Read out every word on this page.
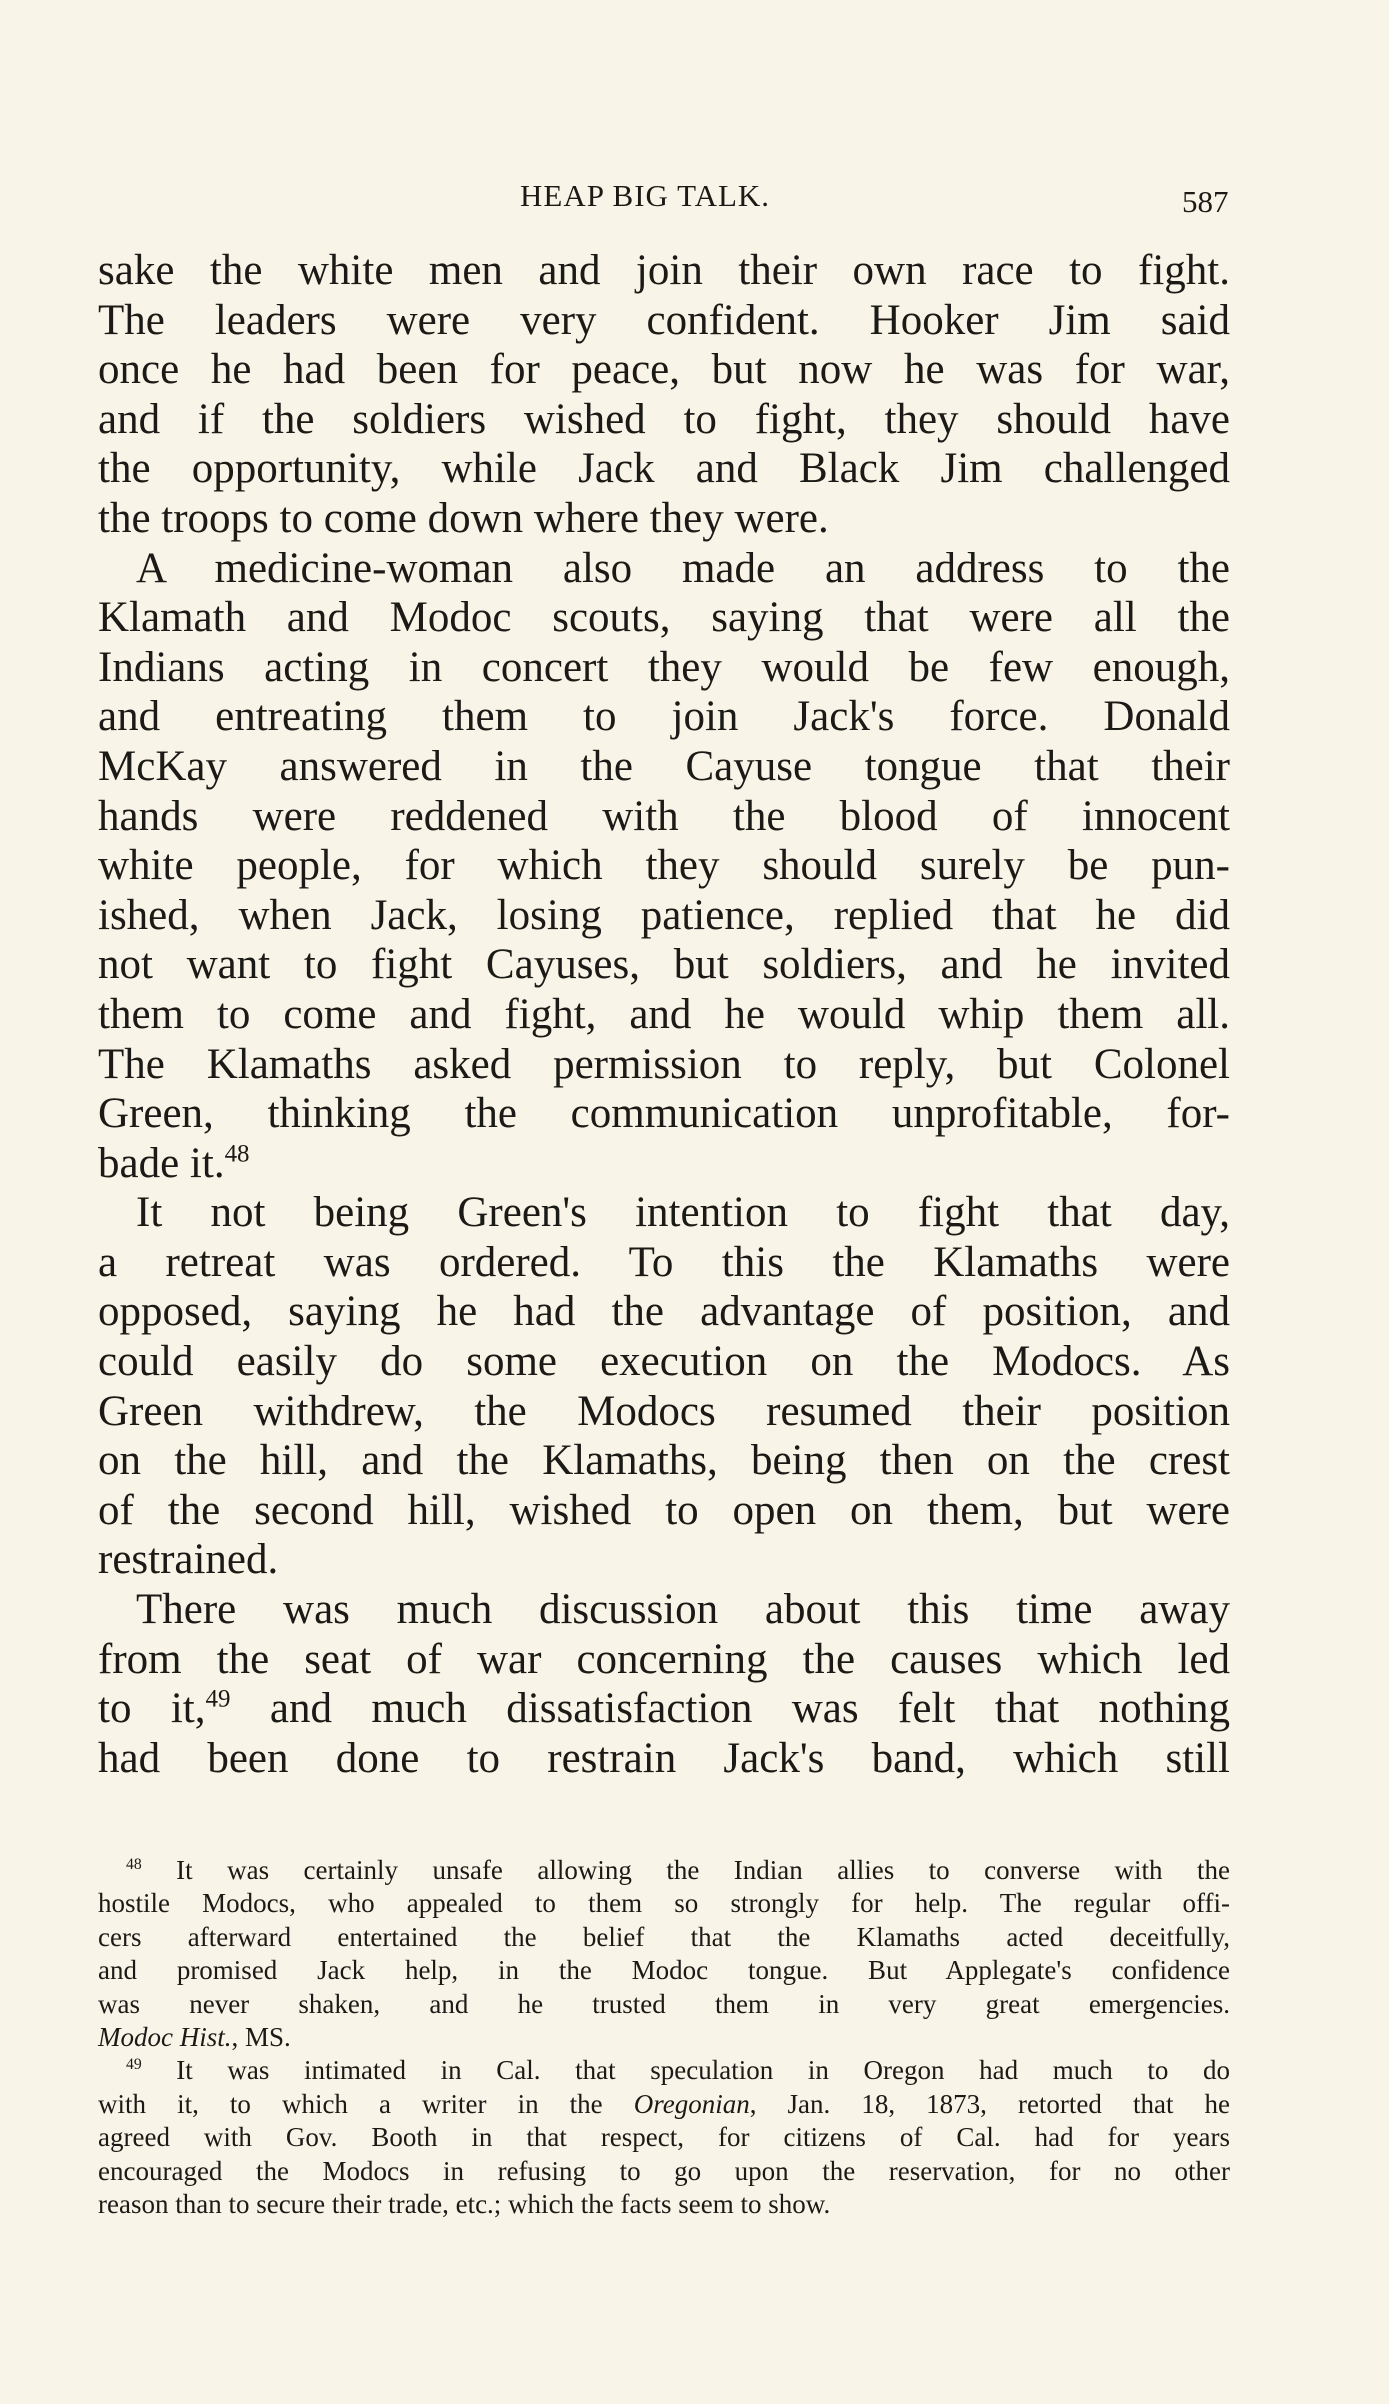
HEAP BIG TALK.	587
sake the white men and join their own race to fight.
The leaders were very confident. Hooker Jim said
once he had been for peace, but now he was for war,
and if the soldiers wished to fight, they should have
the opportunity, while Jack and Black Jim challenged
the troops to come down where they were.
A medicine-woman also made an address to the
Klamath and Modoc scouts, saying that were all the
Indians acting in concert they would be few enough,
and entreating them to join Jack's force. Donald
McKay answered in the Cayuse tongue that their
hands were reddened with the blood of innocent
white people, for which they should surely be pun-
ished, when Jack, losing patience, replied that he did
not want to fight Cayuses, but soldiers, and he invited
them to come and fight, and he would whip them all.
The Klamaths asked permission to reply, but Colonel
Green, thinking the communication unprofitable, for-
bade it.$^{48}$
It not being Green's intention to fight that day,
a retreat was ordered. To this the Klamaths were
opposed, saying he had the advantage of position, and
could easily do some execution on the Modocs. As
Green withdrew, the Modocs resumed their position
on the hill, and the Klamaths, being then on the crest
of the second hill, wished to open on them, but were
restrained.
There was much discussion about this time away
from the seat of war concerning the causes which led
to it,$^{49}$ and much dissatisfaction was felt that nothing
had been done to restrain Jack's band, which still
$^{48}$ It was certainly unsafe allowing the Indian allies to converse with the
hostile Modocs, who appealed to them so strongly for help. The regular offi-
cers afterward entertained the belief that the Klamaths acted deceitfully,
and promised Jack help, in the Modoc tongue. But Applegate's confidence
was never shaken, and he trusted them in very great emergencies.
Modoc Hist., MS.
$^{49}$ It was intimated in Cal. that speculation in Oregon had much to do
with it, to which a writer in the Oregonian, Jan. 18, 1873, retorted that he
agreed with Gov. Booth in that respect, for citizens of Cal. had for years
encouraged the Modocs in refusing to go upon the reservation, for no other
reason than to secure their trade, etc.; which the facts seem to show.
